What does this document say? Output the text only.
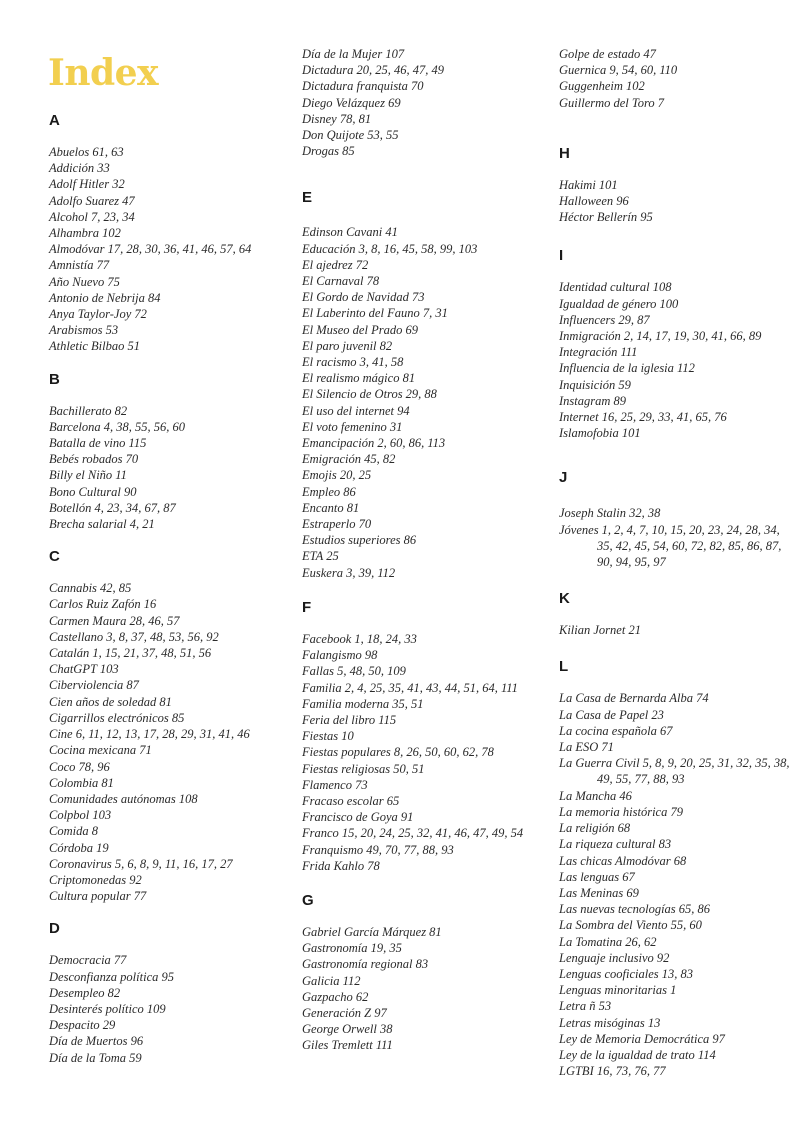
Index
A
Abuelos 61, 63
Addición 33
Adolf Hitler 32
Adolfo Suarez 47
Alcohol 7, 23, 34
Alhambra 102
Almodóvar 17, 28, 30, 36, 41, 46, 57, 64
Amnistía 77
Año Nuevo 75
Antonio de Nebrija 84
Anya Taylor-Joy 72
Arabismos 53
Athletic Bilbao 51
B
Bachillerato 82
Barcelona 4, 38, 55, 56, 60
Batalla de vino 115
Bebés robados 70
Billy el Niño 11
Bono Cultural 90
Botellón 4, 23, 34, 67, 87
Brecha salarial 4, 21
C
Cannabis 42, 85
Carlos Ruiz Zafón 16
Carmen Maura 28, 46, 57
Castellano 3, 8, 37, 48, 53, 56, 92
Catalán 1, 15, 21, 37, 48, 51, 56
ChatGPT 103
Ciberviolencia 87
Cien años de soledad 81
Cigarrillos electrónicos 85
Cine 6, 11, 12, 13, 17, 28, 29, 31, 41, 46
Cocina mexicana 71
Coco 78, 96
Colombia 81
Comunidades autónomas 108
Colpbol 103
Comida 8
Córdoba 19
Coronavirus 5, 6, 8, 9, 11, 16, 17, 27
Criptomonedas 92
Cultura popular 77
D
Democracia 77
Desconfianza política 95
Desempleo 82
Desinterés político 109
Despacito 29
Día de Muertos 96
Día de la Toma 59
Día de la Mujer 107
Dictadura 20, 25, 46, 47, 49
Dictadura franquista 70
Diego Velázquez 69
Disney 78, 81
Don Quijote 53, 55
Drogas 85
E
Edinson Cavani 41
Educación 3, 8, 16, 45, 58, 99, 103
El ajedrez 72
El Carnaval 78
El Gordo de Navidad 73
El Laberinto del Fauno 7, 31
El Museo del Prado 69
El paro juvenil 82
El racismo 3, 41, 58
El realismo mágico 81
El Silencio de Otros 29, 88
El uso del internet 94
El voto femenino 31
Emancipación 2, 60, 86, 113
Emigración 45, 82
Emojis 20, 25
Empleo 86
Encanto 81
Estraperlo 70
Estudios superiores 86
ETA 25
Euskera 3, 39, 112
F
Facebook 1, 18, 24, 33
Falangismo 98
Fallas 5, 48, 50, 109
Familia 2, 4, 25, 35, 41, 43, 44, 51, 64, 111
Familia moderna 35, 51
Feria del libro 115
Fiestas 10
Fiestas populares 8, 26, 50, 60, 62, 78
Fiestas religiosas 50, 51
Flamenco 73
Fracaso escolar 65
Francisco de Goya 91
Franco 15, 20, 24, 25, 32, 41, 46, 47, 49, 54
Franquismo 49, 70, 77, 88, 93
Frida Kahlo 78
G
Gabriel García Márquez 81
Gastronomía 19, 35
Gastronomía regional 83
Galicia 112
Gazpacho 62
Generación Z 97
George Orwell 38
Giles Tremlett 111
Golpe de estado 47
Guernica 9, 54, 60, 110
Guggenheim 102
Guillermo del Toro 7
H
Hakimi 101
Halloween 96
Héctor Bellerín 95
I
Identidad cultural 108
Igualdad de género 100
Influencers 29, 87
Inmigración 2, 14, 17, 19, 30, 41, 66, 89
Integración 111
Influencia de la iglesia 112
Inquisición 59
Instagram 89
Internet 16, 25, 29, 33, 41, 65, 76
Islamofobia 101
J
Joseph Stalin 32, 38
Jóvenes 1, 2, 4, 7, 10, 15, 20, 23, 24, 28, 34, 35, 42, 45, 54, 60, 72, 82, 85, 86, 87, 90, 94, 95, 97
K
Kilian Jornet 21
L
La Casa de Bernarda Alba 74
La Casa de Papel 23
La cocina española 67
La ESO 71
La Guerra Civil 5, 8, 9, 20, 25, 31, 32, 35, 38, 49, 55, 77, 88, 93
La Mancha 46
La memoria histórica 79
La religión 68
La riqueza cultural 83
Las chicas Almodóvar 68
Las lenguas 67
Las Meninas 69
Las nuevas tecnologías 65, 86
La Sombra del Viento 55, 60
La Tomatina 26, 62
Lenguaje inclusivo 92
Lenguas cooficiales 13, 83
Lenguas minoritarias 1
Letra ñ 53
Letras misóginas 13
Ley de Memoria Democrática 97
Ley de la igualdad de trato 114
LGTBI 16, 73, 76, 77
